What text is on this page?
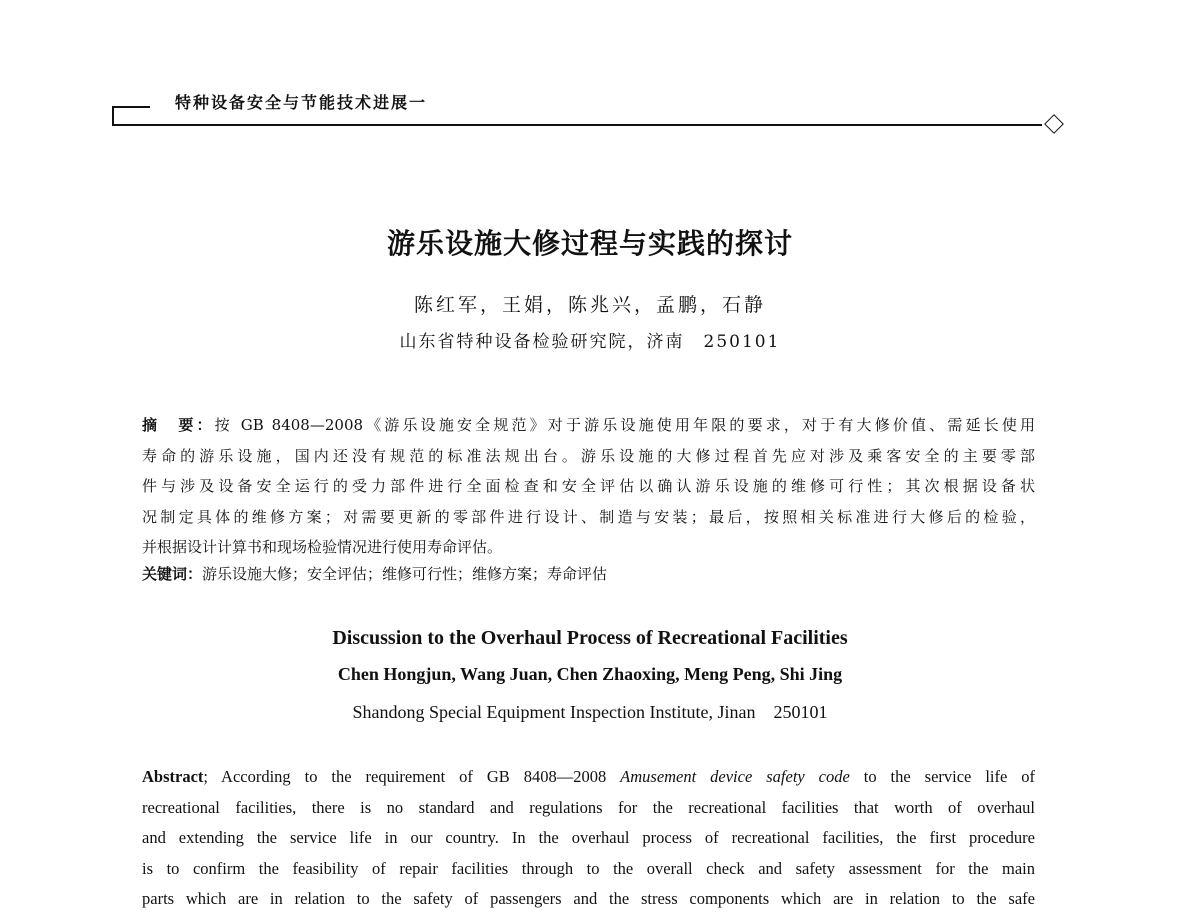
特种设备安全与节能技术进展一
游乐设施大修过程与实践的探讨
陈红军，王娟，陈兆兴，孟鹏，石静
山东省特种设备检验研究院，济南　250101
摘　要：按 GB 8408—2008《游乐设施安全规范》对于游乐设施使用年限的要求，对于有大修价值、需延长使用
寿命的游乐设施，国内还没有规范的标准法规出台。游乐设施的大修过程首先应对涉及乘客安全的主要零部
件与涉及设备安全运行的受力部件进行全面检查和安全评估以确认游乐设施的维修可行性；其次根据设备状
况制定具体的维修方案；对需要更新的零部件进行设计、制造与安装；最后，按照相关标准进行大修后的检验，
并根据设计计算书和现场检验情况进行使用寿命评估。
关键词：游乐设施大修；安全评估；维修可行性；维修方案；寿命评估
Discussion to the Overhaul Process of Recreational Facilities
Chen Hongjun, Wang Juan, Chen Zhaoxing, Meng Peng, Shi Jing
Shandong Special Equipment Inspection Institute, Jinan　250101
Abstract; According to the requirement of GB 8408—2008 Amusement device safety code to the service life of
recreational facilities, there is no standard and regulations for the recreational facilities that worth of overhaul
and extending the service life in our country. In the overhaul process of recreational facilities, the first procedure
is to confirm the feasibility of repair facilities through to the overall check and safety assessment for the main
parts which are in relation to the safety of passengers and the stress components which are in relation to the safe
